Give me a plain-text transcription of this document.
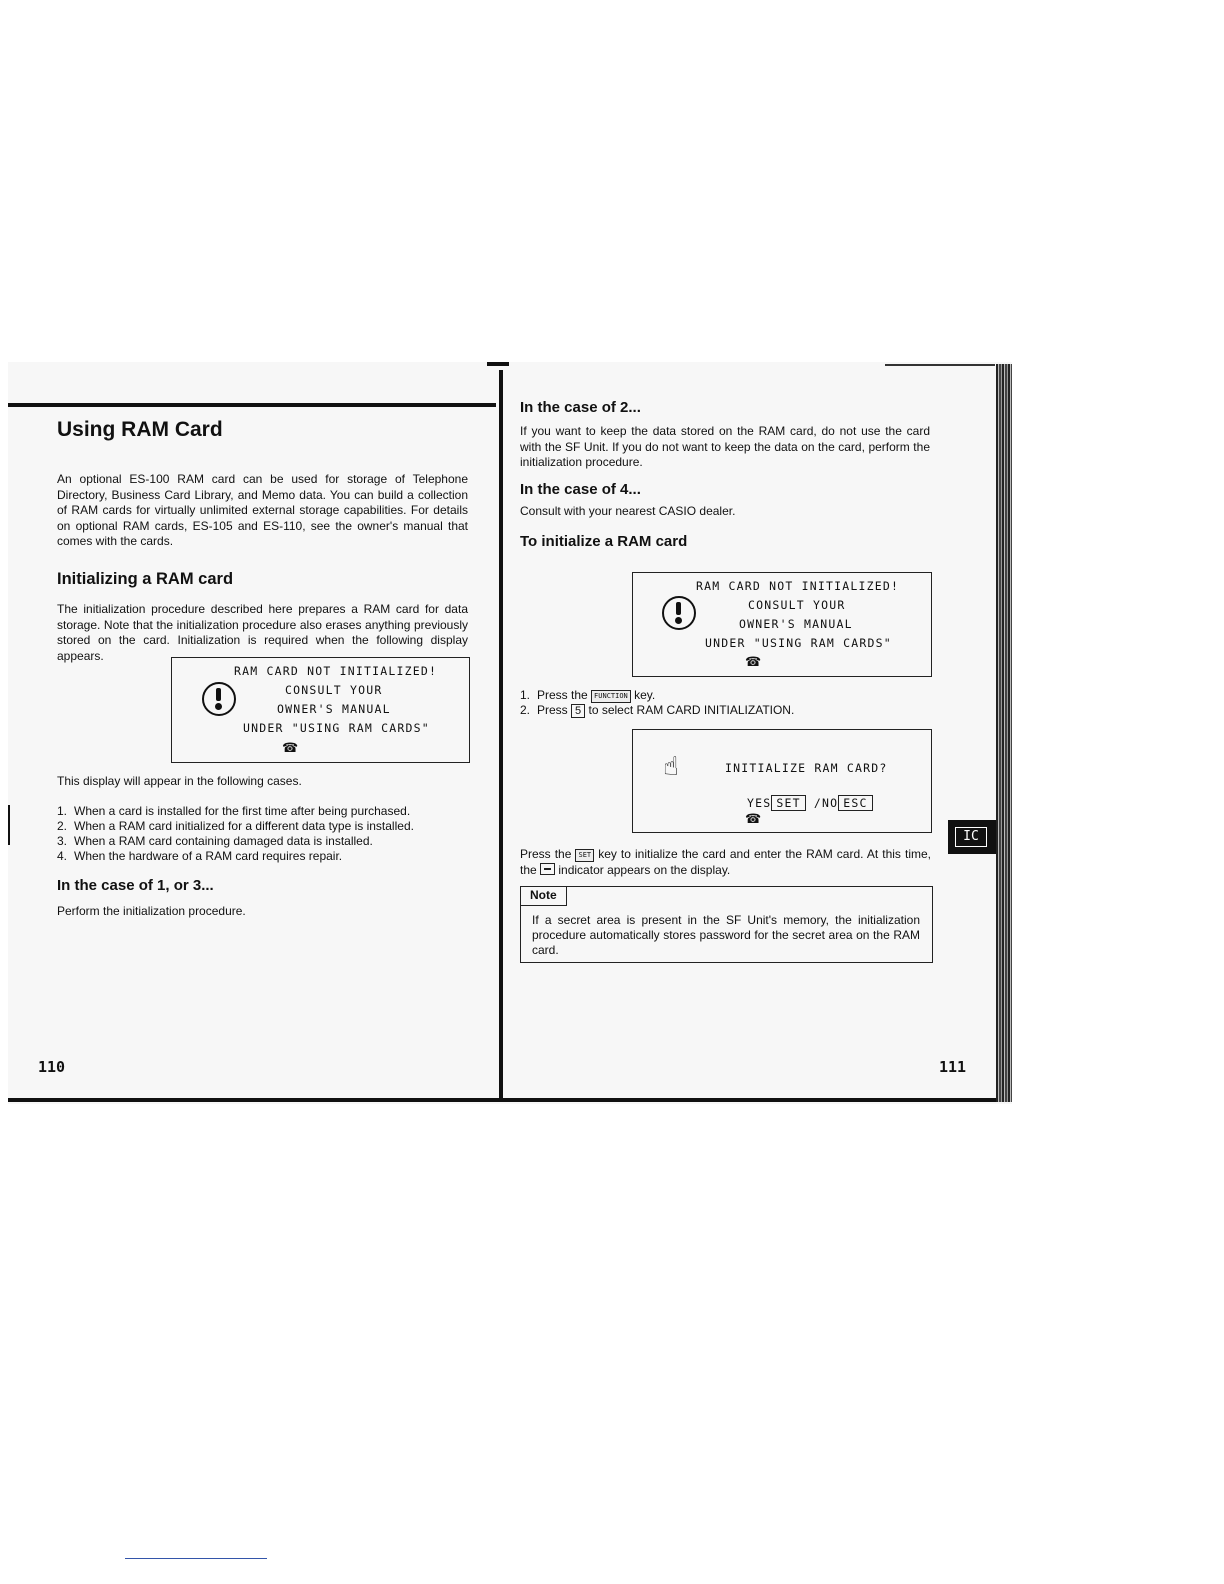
IC
Using RAM Card

An optional ES-100 RAM card can be used for storage of Telephone Directory, Business Card Library, and Memo data. You can build a collection of RAM cards for virtually unlimited external storage capabilities. For details on optional RAM cards, ES-105 and ES-110, see the owner's manual that comes with the cards.

Initializing a RAM card

The initialization procedure described here prepares a RAM card for data storage. Note that the initialization procedure also erases anything previously stored on the card. Initialization is required when the following display appears.

RAM CARD NOT INITIALIZED!
CONSULT YOUR
OWNER'S MANUAL
UNDER "USING RAM CARDS"
☎

This display will appear in the following cases.

1. When a card is installed for the first time after being purchased.
2. When a RAM card initialized for a different data type is installed.
3. When a RAM card containing damaged data is installed.
4. When the hardware of a RAM card requires repair.
In the case of 1, or 3...

Perform the initialization procedure.

110
In the case of 2...

If you want to keep the data stored on the RAM card, do not use the card with the SF Unit. If you do not want to keep the data on the card, perform the initialization procedure.

In the case of 4...

Consult with your nearest CASIO dealer.

To initialize a RAM card
RAM CARD NOT INITIALIZED!
CONSULT YOUR
OWNER'S MANUAL
UNDER "USING RAM CARDS"
☎
1. Press the FUNCTION key.
2. Press 5 to select RAM CARD INITIALIZATION.
☝	INITIALIZE RAM CARD?
YES SET /NO ESC
☎

Press the SET key to initialize the card and enter the RAM card. At this time, the indicator appears on the display.

Note
If a secret area is present in the SF Unit's memory, the initialization procedure automatically stores password for the secret area on the RAM card.
111
